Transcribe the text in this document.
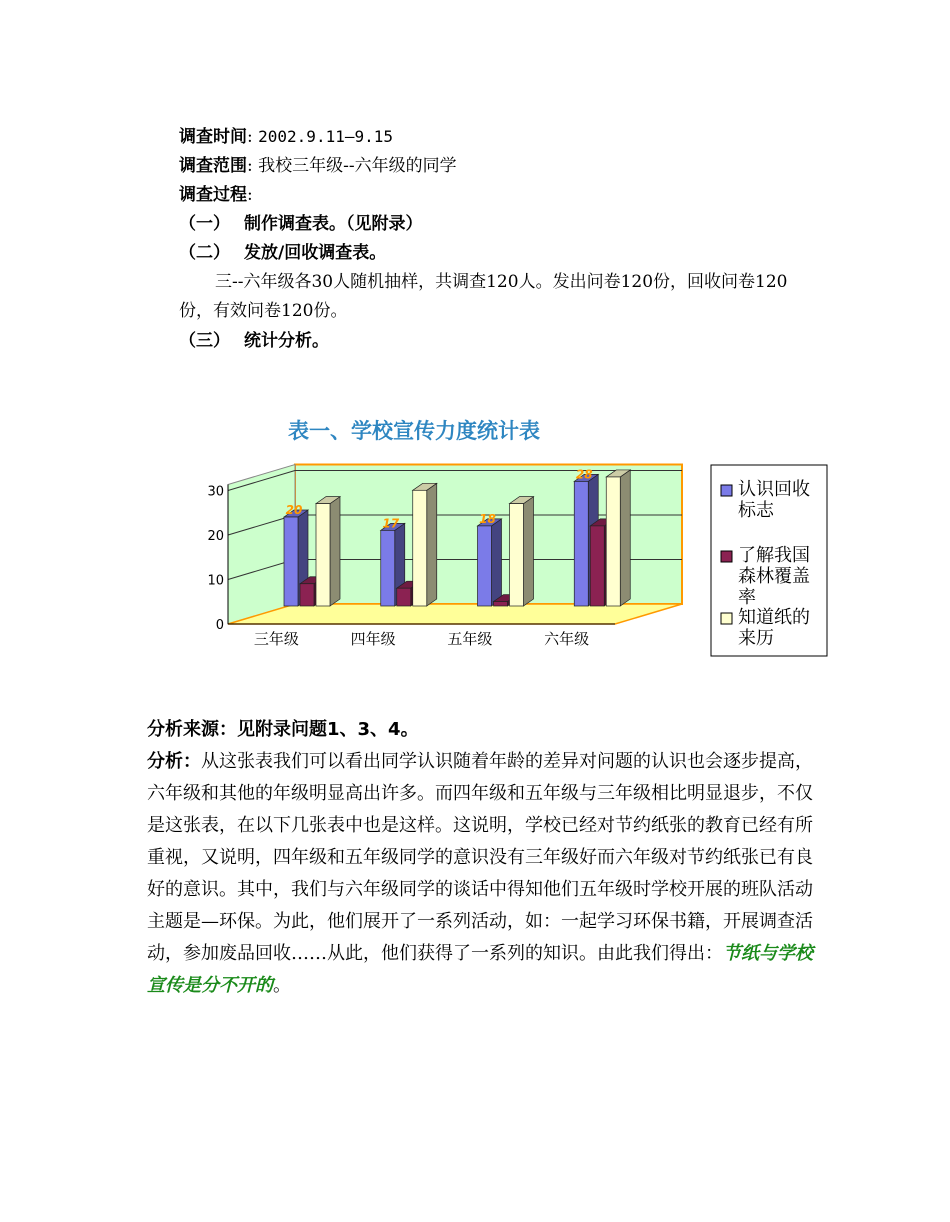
调查时间: 2002.9.11—9.15
调查范围: 我校三年级--六年级的同学
调查过程:
（一） 制作调查表。（见附录）
（二） 发放/回收调查表。
三--六年级各30人随机抽样，共调查120人。发出问卷120份，回收问卷120份，有效问卷120份。
（三） 统计分析。
表一、学校宣传力度统计表
0
10
20
30
20
三年级
17
四年级
18
五年级
28
六年级
认识回收标志
了解我国森林覆盖率
知道纸的来历
分析来源：见附录问题1、3、4。
分析：从这张表我们可以看出同学认识随着年龄的差异对问题的认识也会逐步提高，六年级和其他的年级明显高出许多。而四年级和五年级与三年级相比明显退步，不仅是这张表，在以下几张表中也是这样。这说明，学校已经对节约纸张的教育已经有所重视，又说明，四年级和五年级同学的意识没有三年级好而六年级对节约纸张已有良好的意识。其中，我们与六年级同学的谈话中得知他们五年级时学校开展的班队活动主题是—环保。为此，他们展开了一系列活动，如：一起学习环保书籍，开展调查活动，参加废品回收……从此，他们获得了一系列的知识。由此我们得出：节纸与学校宣传是分不开的。
